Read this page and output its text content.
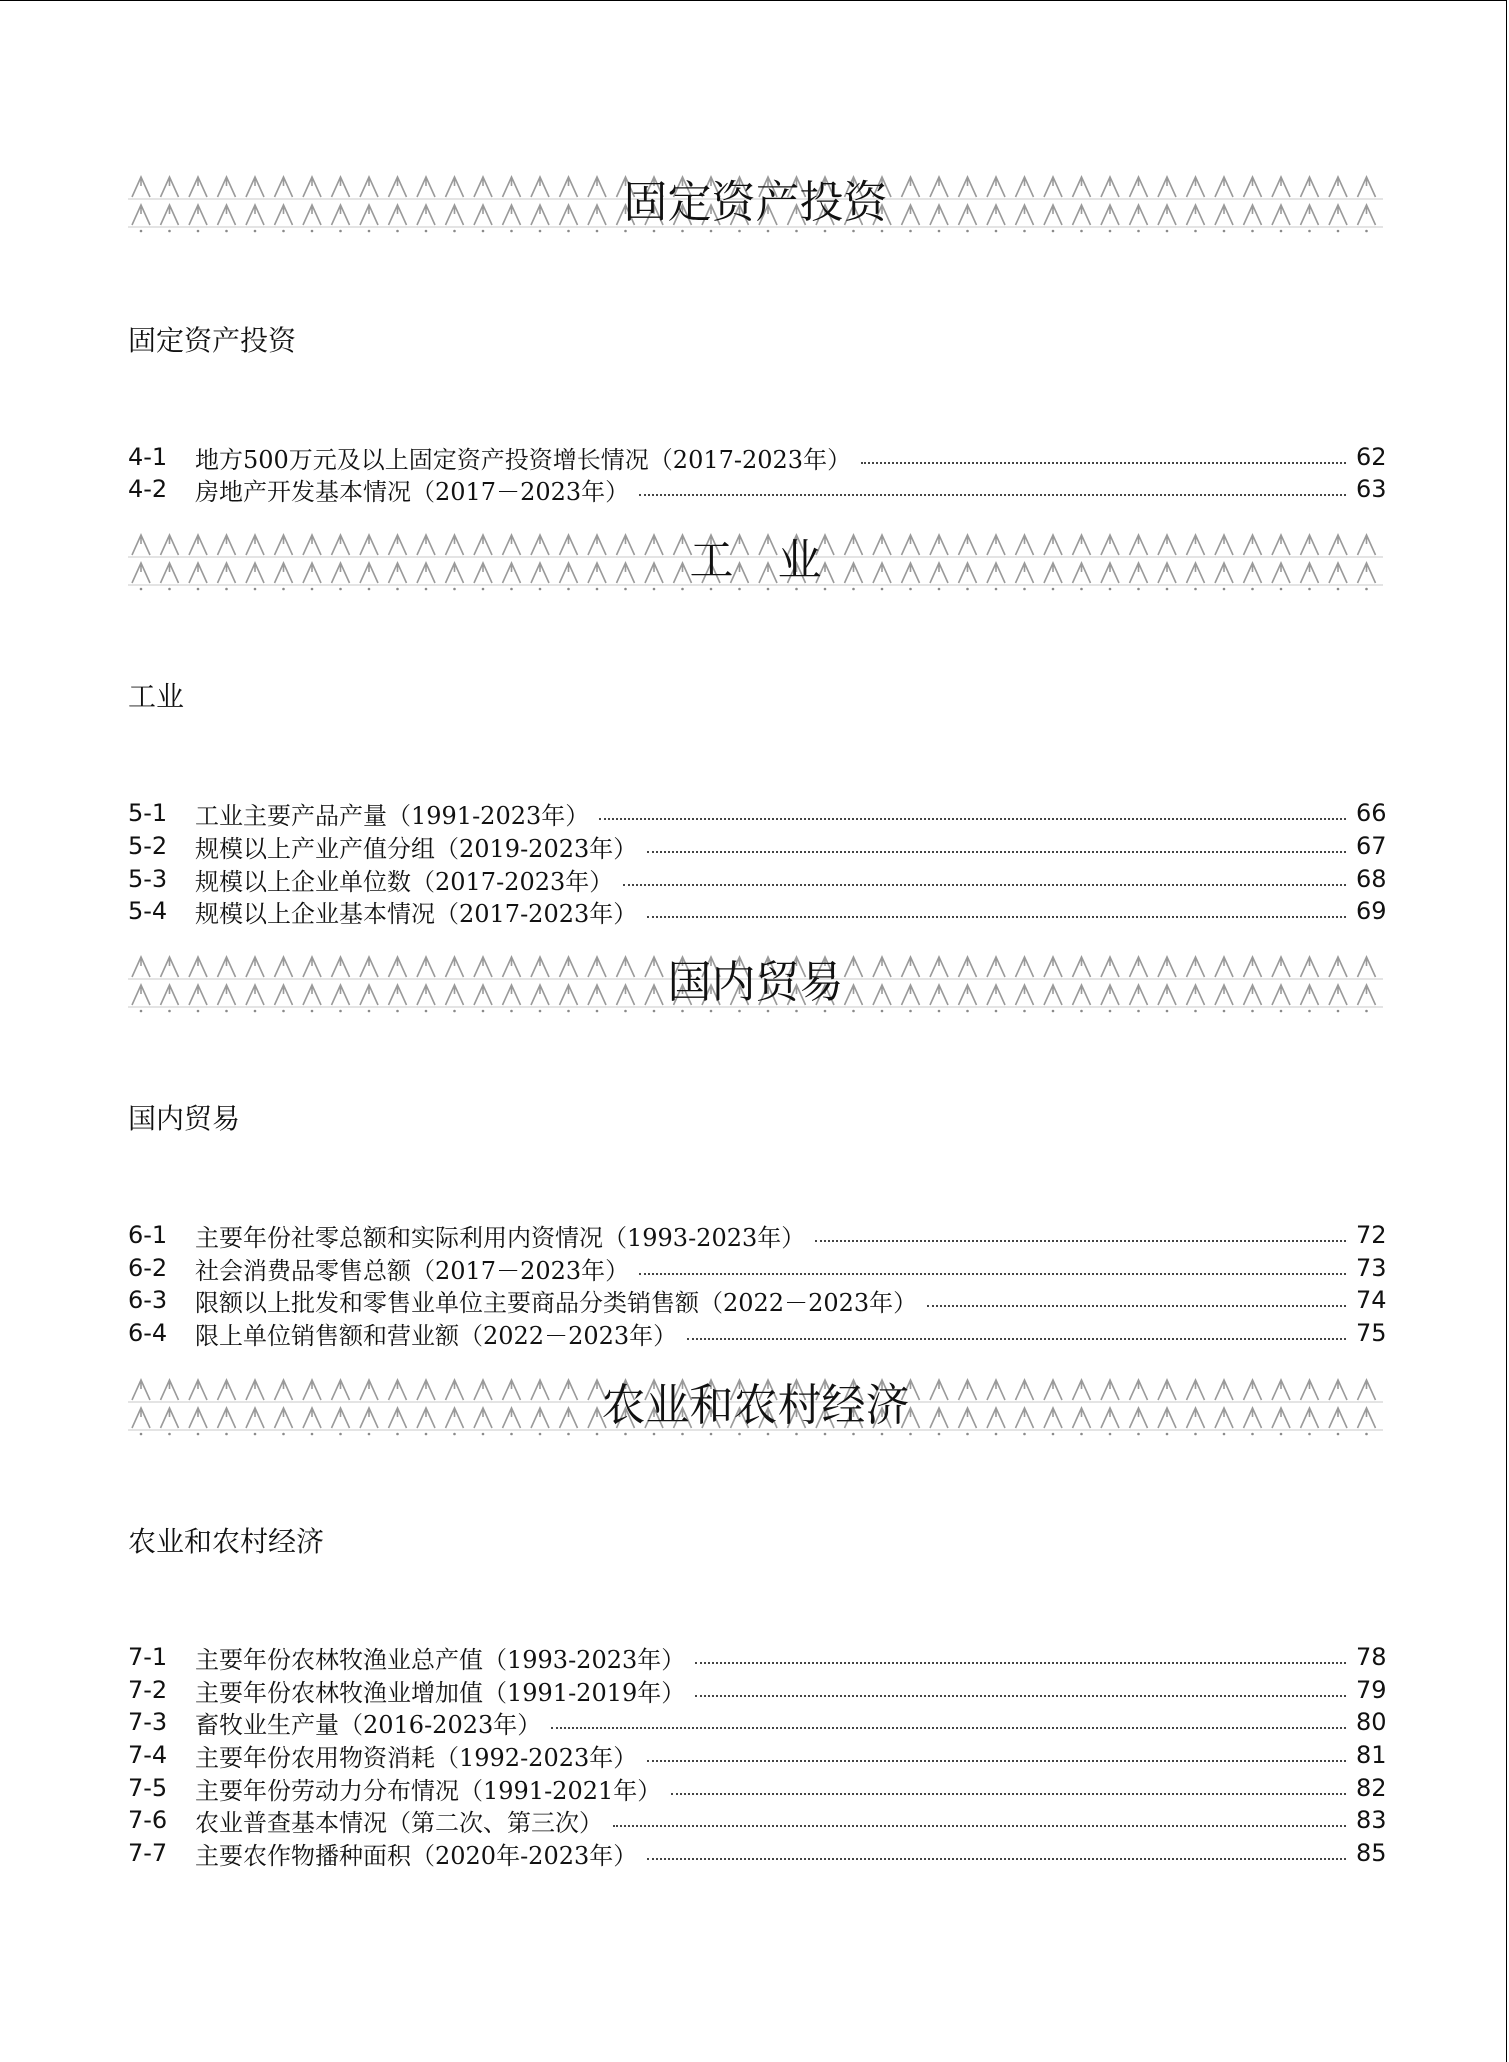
固定资产投资
固定资产投资
4-1	地方500万元及以上固定资产投资增长情况（2017-2023年）	62
4-2	房地产开发基本情况（2017－2023年）	63
工　业
工业
5-1	工业主要产品产量（1991-2023年）	66
5-2	规模以上产业产值分组（2019-2023年）	67
5-3	规模以上企业单位数（2017-2023年）	68
5-4	规模以上企业基本情况（2017-2023年）	69
国内贸易
国内贸易
6-1	主要年份社零总额和实际利用内资情况（1993-2023年）	72
6-2	社会消费品零售总额（2017－2023年）	73
6-3	限额以上批发和零售业单位主要商品分类销售额（2022－2023年）	74
6-4	限上单位销售额和营业额（2022－2023年）	75
农业和农村经济
农业和农村经济
7-1	主要年份农林牧渔业总产值（1993-2023年）	78
7-2	主要年份农林牧渔业增加值（1991-2019年）	79
7-3	畜牧业生产量（2016-2023年）	80
7-4	主要年份农用物资消耗（1992-2023年）	81
7-5	主要年份劳动力分布情况（1991-2021年）	82
7-6	农业普查基本情况（第二次、第三次）	83
7-7	主要农作物播种面积（2020年-2023年）	85
